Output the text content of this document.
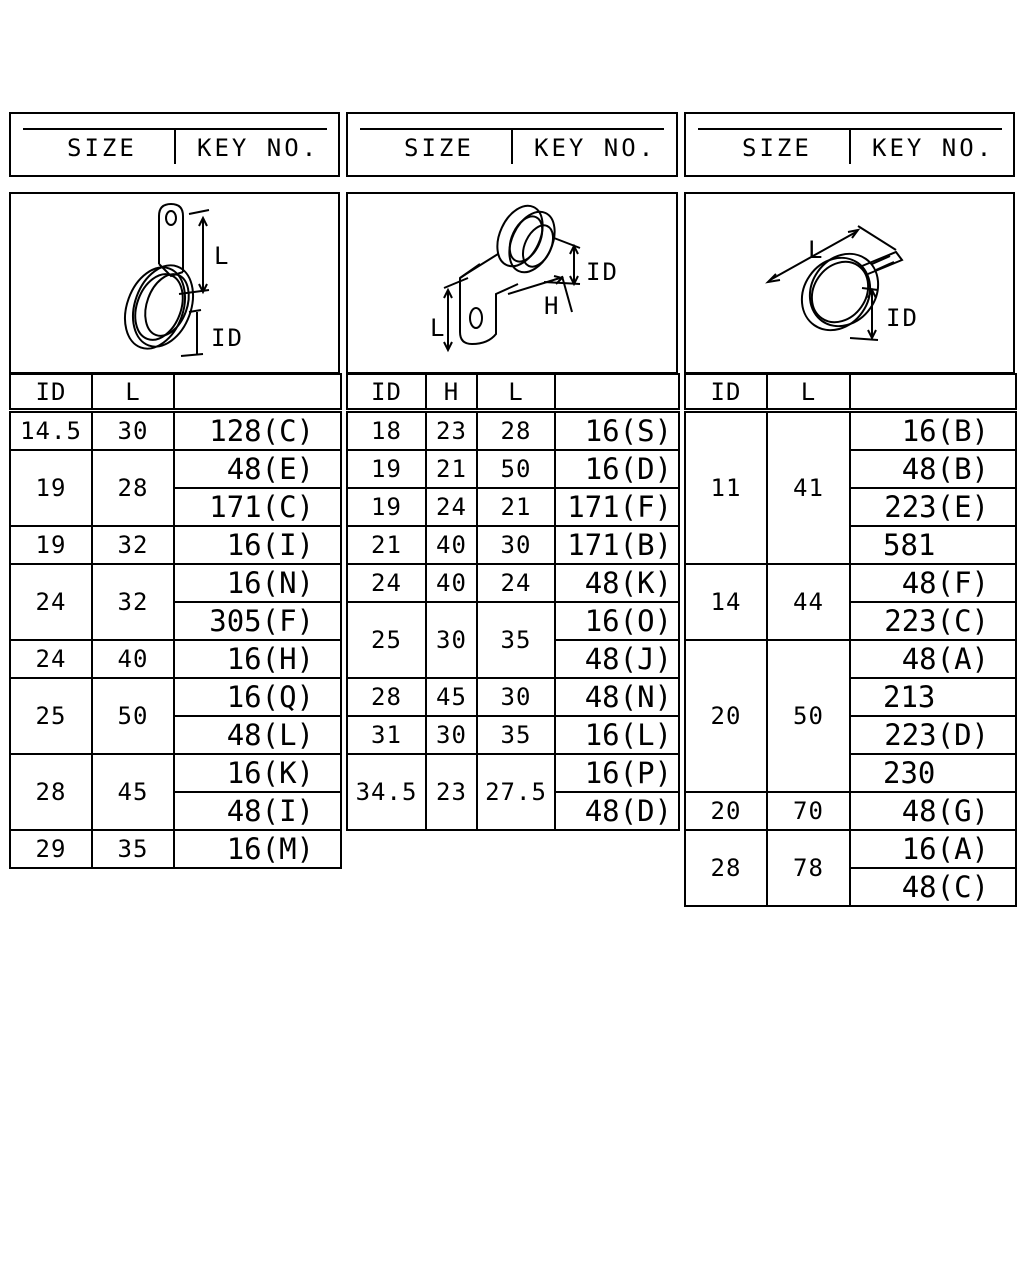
SIZE	KEY NO.
L
ID
ID	L	
14.5	30	128(C)
19	28	48(E)
		171(C)
19	32	16(I)
24	32	16(N)
		305(F)
24	40	16(H)
25	50	16(Q)
		48(L)
28	45	16(K)
		48(I)
29	35	16(M)
SIZE	KEY NO.
ID
H
L
ID	H	L	
18	23	28	16(S)
19	21	50	16(D)
19	24	21	171(F)
21	40	30	171(B)
24	40	24	48(K)
25	30	35	16(O)
			48(J)
28	45	30	48(N)
31	30	35	16(L)
34.5	23	27.5	16(P)
			48(D)
SIZE	KEY NO.
L
ID
ID	L	
11	41	16(B)
		48(B)
		223(E)
		581
14	44	48(F)
		223(C)
20	50	48(A)
		213
		223(D)
		230
20	70	48(G)
28	78	16(A)
		48(C)
